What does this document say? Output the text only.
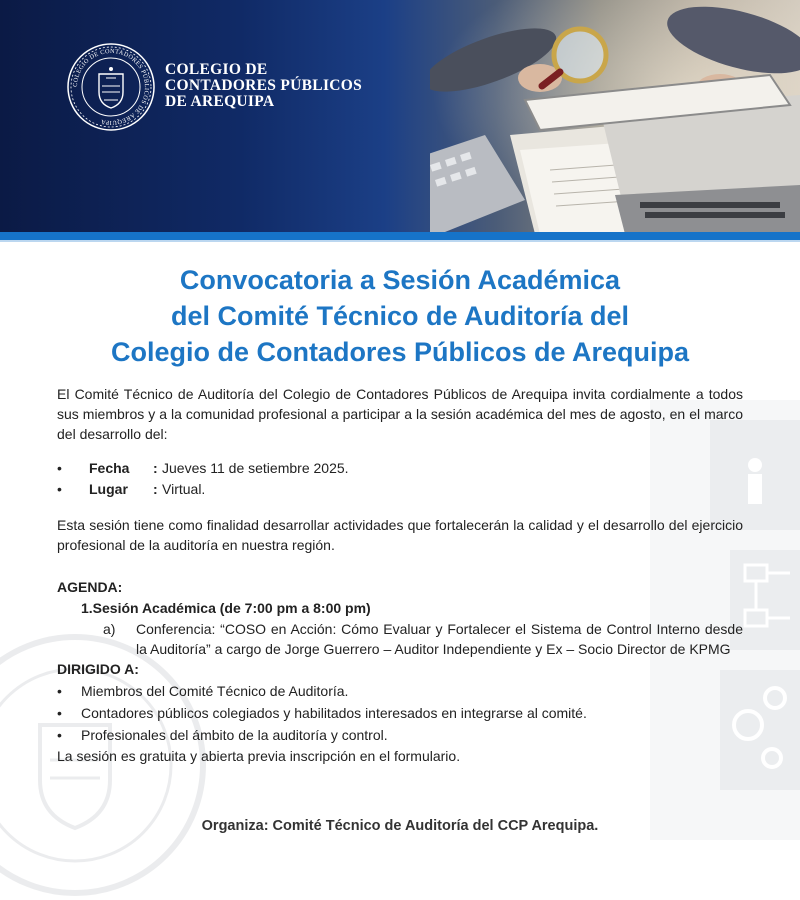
COLEGIO DE CONTADORES PÚBLICOS DE AREQUIPA
COLEGIO DE
CONTADORES PÚBLICOS
DE AREQUIPA
Convocatoria a Sesión Académica
del Comité Técnico de Auditoría del
Colegio de Contadores Públicos de Arequipa

El Comité Técnico de Auditoría del Colegio de Contadores Públicos de Arequipa invita cordialmente a todos sus miembros y a la comunidad profesional a participar a la sesión académica del mes de agosto, en el marco del desarrollo del:

• Fecha : Jueves 11 de setiembre 2025.
• Lugar : Virtual.

Esta sesión tiene como finalidad desarrollar actividades que fortalecerán la calidad y el desarrollo del ejercicio profesional de la auditoría en nuestra región.

AGENDA:
1.Sesión Académica (de 7:00 pm a 8:00 pm)
a) Conferencia: “COSO en Acción: Cómo Evaluar y Fortalecer el Sistema de Control Interno desde la Auditoría” a cargo de Jorge Guerrero – Auditor Independiente y Ex – Socio Director de KPMG

DIRIGIDO A:
• Miembros del Comité Técnico de Auditoría.
• Contadores públicos colegiados y habilitados interesados en integrarse al comité.
• Profesionales del ámbito de la auditoría y control.
La sesión es gratuita y abierta previa inscripción en el formulario.
Organiza: Comité Técnico de Auditoría del CCP Arequipa.
